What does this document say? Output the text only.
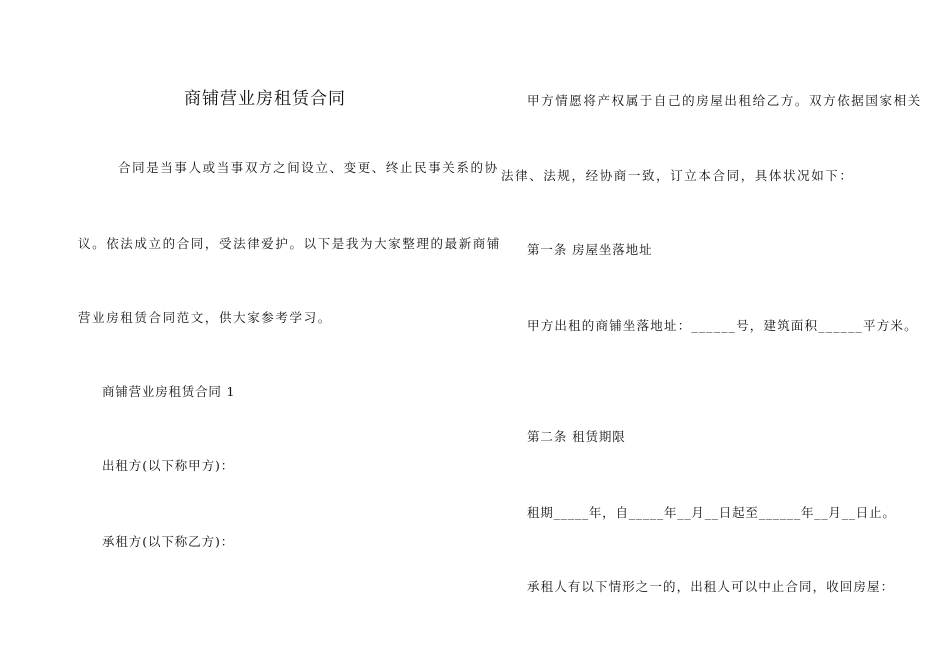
商铺营业房租赁合同
合同是当事人或当事双方之间设立、变更、终止民事关系的协
议。依法成立的合同，受法律爱护。以下是我为大家整理的最新商铺
营业房租赁合同范文，供大家参考学习。
商铺营业房租赁合同 1
出租方(以下称甲方)：
承租方(以下称乙方)：
甲方情愿将产权属于自己的房屋出租给乙方。双方依据国家相关
法律、法规，经协商一致，订立本合同，具体状况如下：
第一条 房屋坐落地址
甲方出租的商铺坐落地址：______号，建筑面积______平方米。
第二条 租赁期限
租期_____年，自_____年__月__日起至______年__月__日止。
承租人有以下情形之一的，出租人可以中止合同，收回房屋：
